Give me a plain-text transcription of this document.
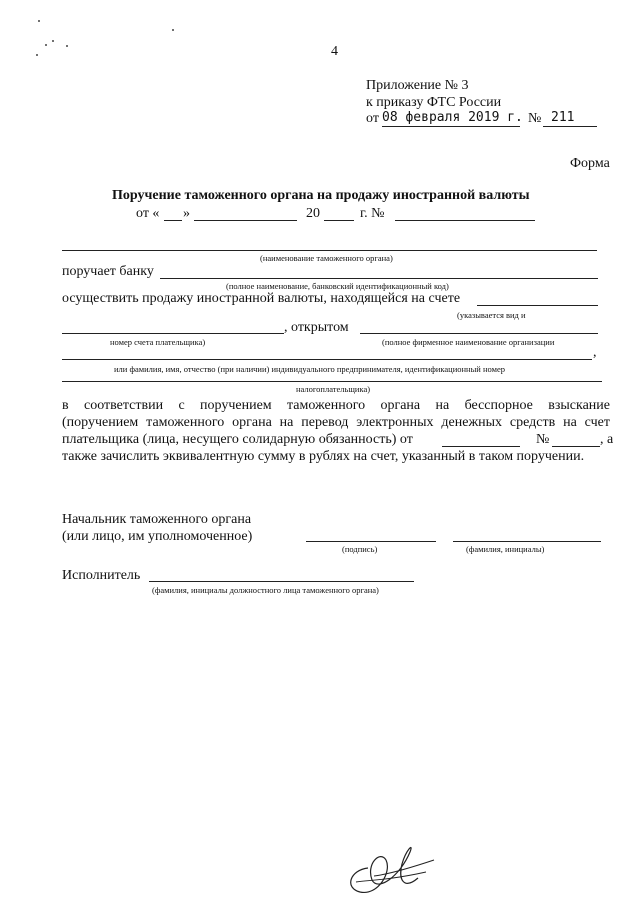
4
Приложение № 3
к приказу ФТС России
от 08 февраля 2019 г. № 211
Форма
Поручение таможенного органа на продажу иностранной валюты
от « »	20	г. №
(наименование таможенного органа)
поручает банку
(полное наименование, банковский идентификационный код)
осуществить продажу иностранной валюты, находящейся на счете
(указывается вид и
, открытом
номер счета плательщика)	(полное фирменное наименование организации
,
или фамилия, имя, отчество (при наличии) индивидуального предпринимателя, идентификационный номер
налогоплательщика)
в соответствии с поручением таможенного органа на бесспорное взыскание
(поручением таможенного органа на перевод электронных денежных средств на счет
плательщика (лица, несущего солидарную обязанность) от	№	, а
также зачислить эквивалентную сумму в рублях на счет, указанный в таком поручении.
Начальник таможенного органа
(или лицо, им уполномоченное)
(подпись)	(фамилия, инициалы)
Исполнитель
(фамилия, инициалы должностного лица таможенного органа)
